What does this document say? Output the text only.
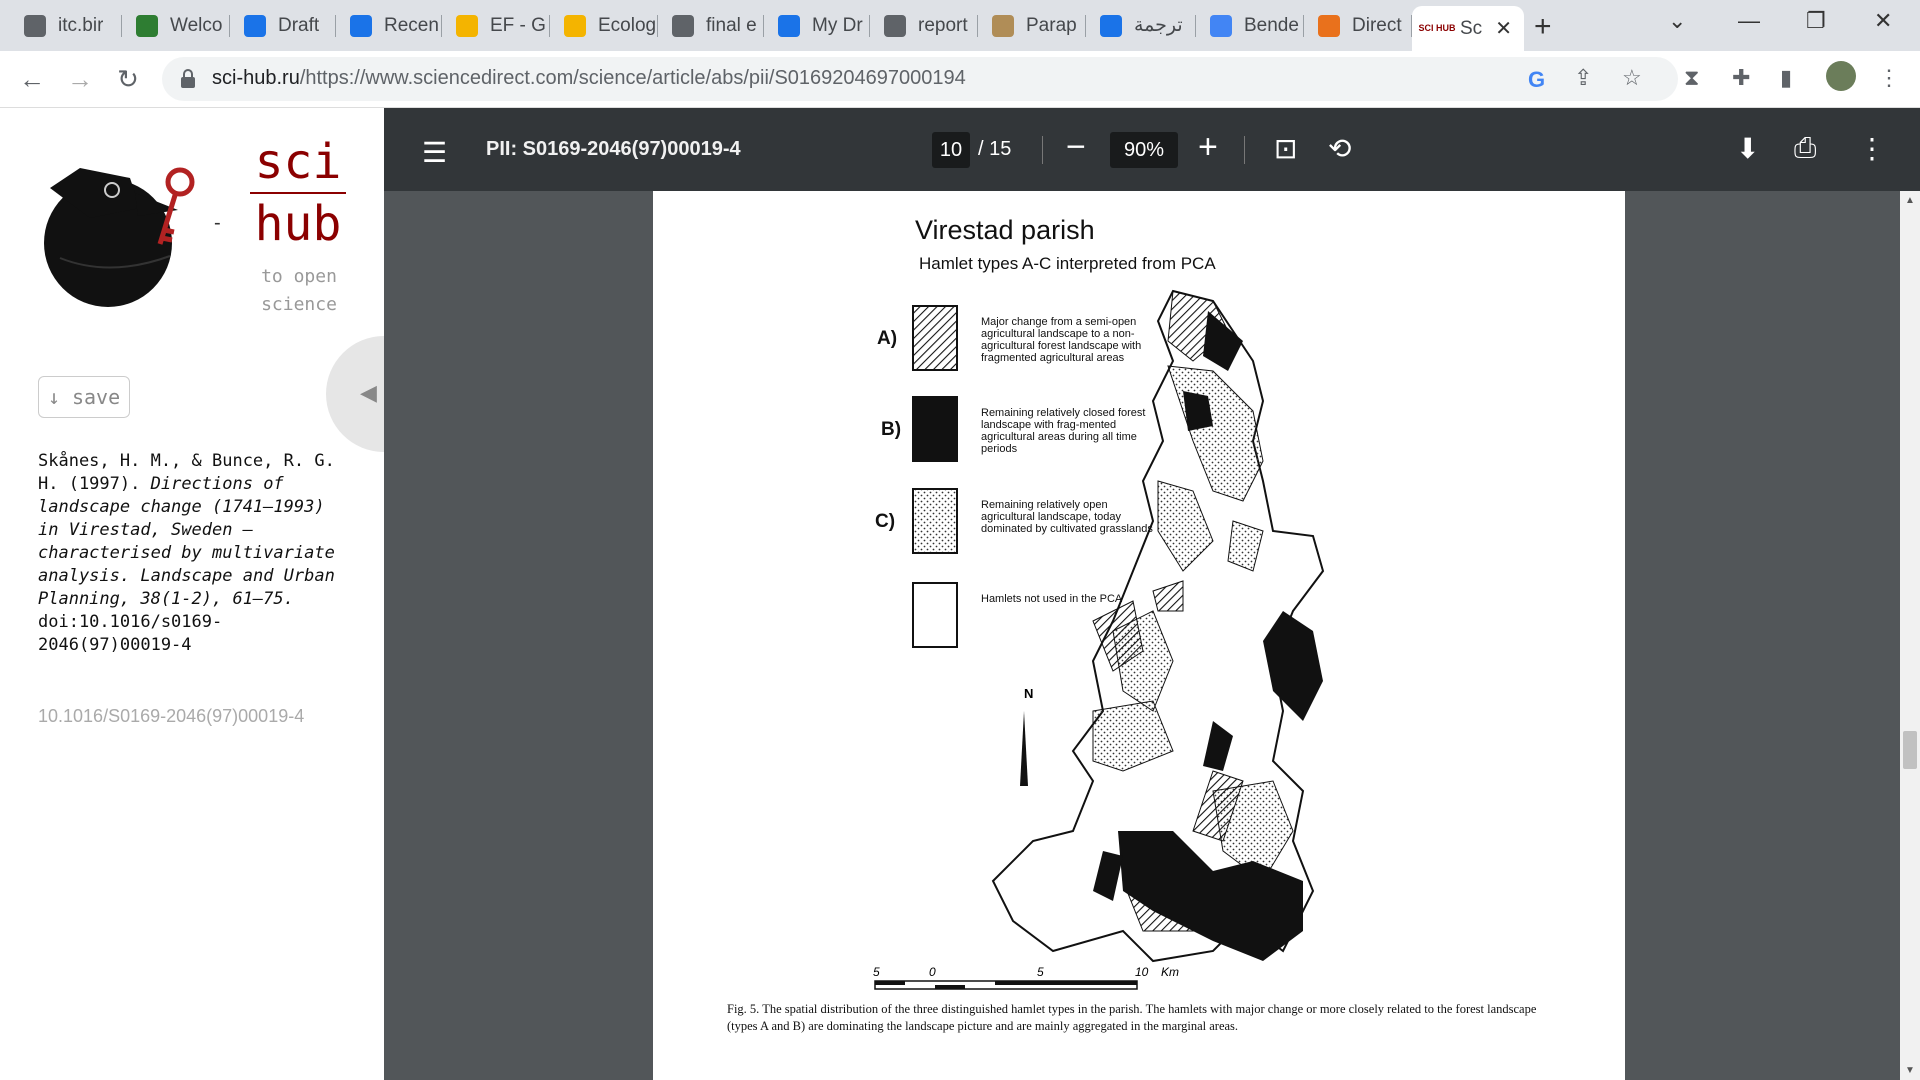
itc.bir	Welco	Draft	Recen	EF - G	Ecolog	final e	My Dr	report	Parap	ترجمة	Bende	Direct SCI HUB Sc ✕ +	⌄ — ❐ ✕
← → ↻	sci-hub.ru/https://www.sciencedirect.com/science/article/abs/pii/S0169204697000194	G ⇪ ☆ ⧗ ✚ ▮	⋮
-
sci
hub
to open
science
◀
↓ save
Skånes, H. M., & Bunce, R. G. H. (1997). Directions of landscape change (1741–1993) in Virestad, Sweden — characterised by multivariate analysis. Landscape and Urban Planning, 38(1-2), 61–75. doi:10.1016/s0169-2046(97)00019-4
10.1016/S0169-2046(97)00019-4
☰ PII: S0169-2046(97)00019-4	10 / 15 −	90% + ⊡ ⟲	⬇ ⎙ ⋮
Virestad parish
Hamlet types A-C interpreted from PCA
A)
Major change from a semi-open agricultural landscape to a non-agricultural forest landscape with fragmented agricultural areas
B)
Remaining relatively closed forest landscape with frag-mented agricultural areas during all time periods
C)
Remaining relatively open agricultural landscape, today dominated by cultivated grasslands
Hamlets not used in the PCA
N
5	0	5	10 Km
Fig. 5. The spatial distribution of the three distinguished hamlet types in the parish. The hamlets with major change or more closely related to the forest landscape (types A and B) are dominating the landscape picture and are mainly aggregated in the marginal areas.
▲
▼
